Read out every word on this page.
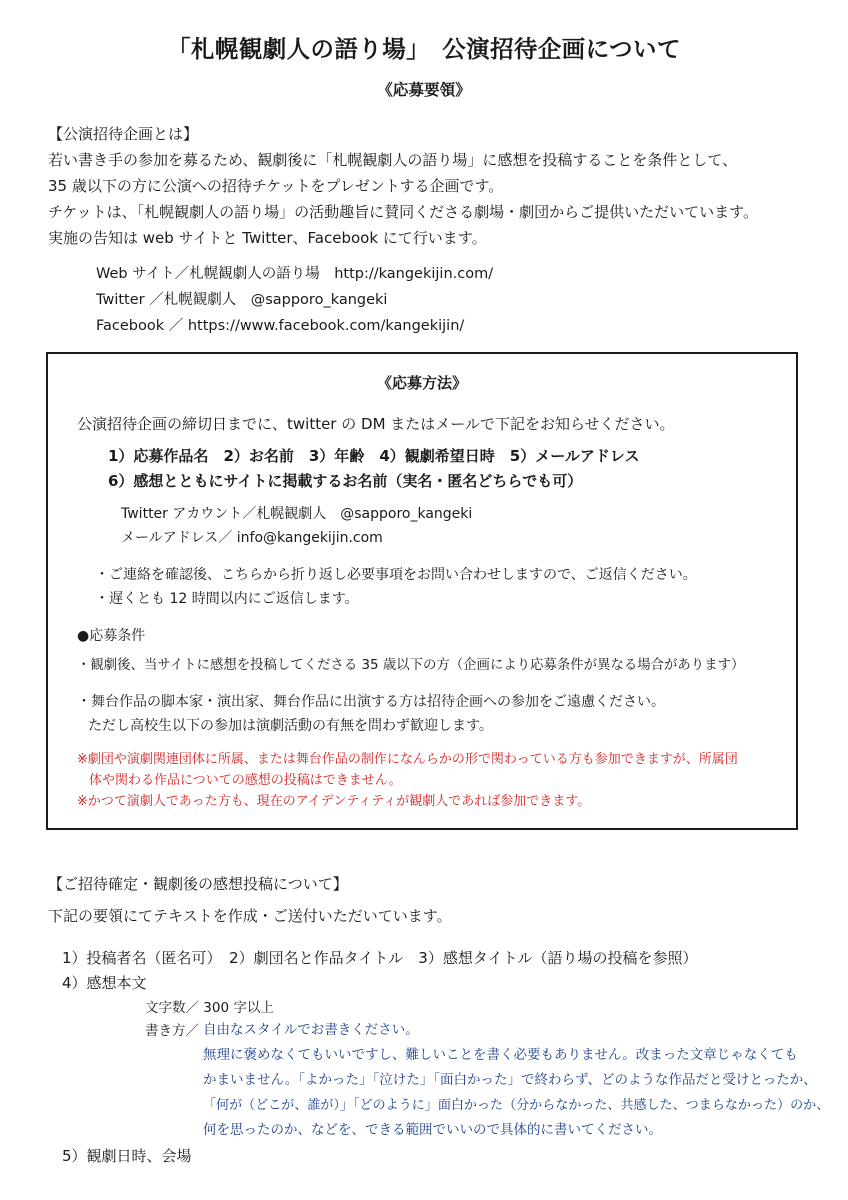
「札幌観劇人の語り場」　公演招待企画について
《応募要領》
【公演招待企画とは】
若い書き手の参加を募るため、観劇後に「札幌観劇人の語り場」に感想を投稿することを条件として、
35 歳以下の方に公演への招待チケットをプレゼントする企画です。
チケットは、「札幌観劇人の語り場」の活動趣旨に賛同くださる劇場・劇団からご提供いただいています。
実施の告知は web サイトと Twitter、Facebook にて行います。
Web サイト／札幌観劇人の語り場　http://kangekijin.com/
Twitter ／札幌観劇人　@sapporo_kangeki
Facebook ／ https://www.facebook.com/kangekijin/
《応募方法》
公演招待企画の締切日までに、twitter の DM またはメールで下記をお知らせください。
1）応募作品名　2）お名前　3）年齢　4）観劇希望日時　5）メールアドレス
6）感想とともにサイトに掲載するお名前（実名・匿名どちらでも可）
Twitter アカウント／札幌観劇人　@sapporo_kangeki
メールアドレス／ info@kangekijin.com
・ご連絡を確認後、こちらから折り返し必要事項をお問い合わせしますので、ご返信ください。
・遅くとも 12 時間以内にご返信します。
●応募条件
・観劇後、当サイトに感想を投稿してくださる 35 歳以下の方（企画により応募条件が異なる場合があります）
・舞台作品の脚本家・演出家、舞台作品に出演する方は招待企画への参加をご遠慮ください。
ただし高校生以下の参加は演劇活動の有無を問わず歓迎します。
※劇団や演劇関連団体に所属、または舞台作品の制作になんらかの形で関わっている方も参加できますが、所属団
体や関わる作品についての感想の投稿はできません。
※かつて演劇人であった方も、現在のアイデンティティが観劇人であれば参加できます。
【ご招待確定・観劇後の感想投稿について】
下記の要領にてテキストを作成・ご送付いただいています。
1）投稿者名（匿名可）　2）劇団名と作品タイトル　3）感想タイトル（語り場の投稿を参照）
4）感想本文
文字数／ 300 字以上
書き方／ 自由なスタイルでお書きください。
無理に褒めなくてもいいですし、難しいことを書く必要もありません。改まった文章じゃなくても
かまいません。「よかった」「泣けた」「面白かった」で終わらず、どのような作品だと受けとったか、
「何が（どこが、誰が）」「どのように」面白かった（分からなかった、共感した、つまらなかった）のか、
何を思ったのか、などを、できる範囲でいいので具体的に書いてください。
5）観劇日時、会場
